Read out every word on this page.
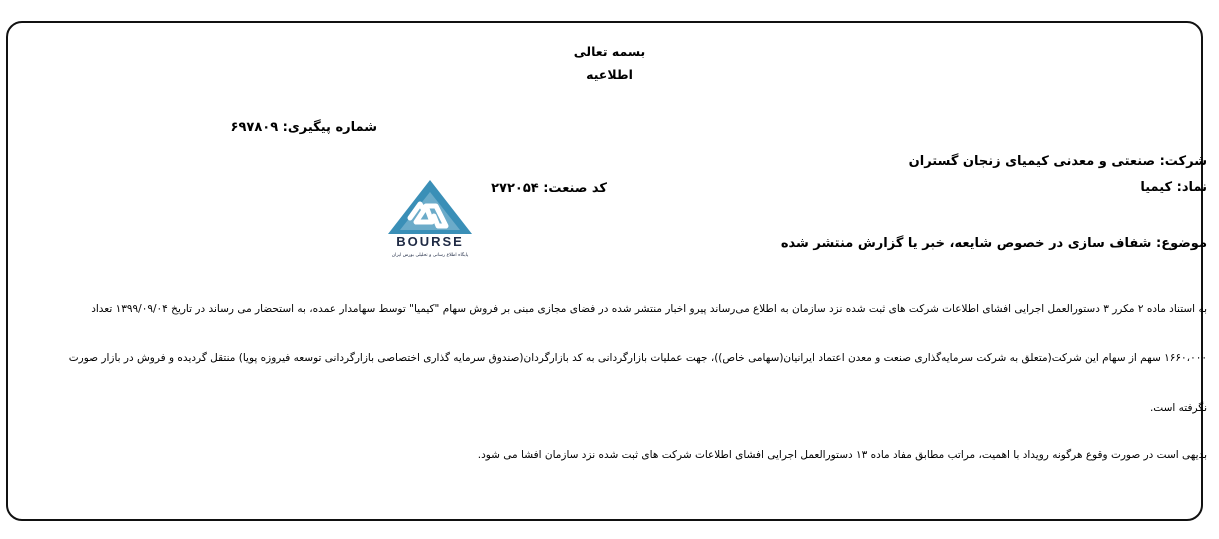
بسمه تعالی
اطلاعیه
شماره پیگیری: ۶۹۷۸۰۹
شرکت: صنعتی و معدنی کیمیای زنجان گستران
نماد: کیمیا
کد صنعت: ۲۷۲۰۵۴
BOURSE
پایگاه اطلاع رسانی و تحلیلی بورس ایران
موضوع: شفاف سازی در خصوص شایعه، خبر یا گزارش منتشر شده
به استناد ماده ۲ مکرر ۳ دستورالعمل اجرایی افشای اطلاعات شرکت های ثبت شده نزد سازمان به اطلاع می‌رساند پیرو اخبار منتشر شده در فضای مجازی مبنی بر فروش سهام "کیمیا" توسط سهامدار عمده، به استحضار می رساند در تاریخ ۱۳۹۹/۰۹/۰۴ تعداد
۱۶۶۰،۰۰۰ سهم از سهام این شرکت(متعلق به شرکت سرمایه‌گذاری صنعت و معدن اعتماد ایرانیان(سهامی خاص))، جهت عملیات بازارگردانی به کد بازارگردان(صندوق سرمایه گذاری اختصاصی بازارگردانی توسعه فیروزه پویا) منتقل گردیده و فروش در بازار صورت
نگرفته است.
بدیهی است در صورت وقوع هرگونه رویداد با اهمیت، مراتب مطابق مفاد ماده ۱۳ دستورالعمل اجرایی افشای اطلاعات شرکت های ثبت شده نزد سازمان افشا می شود.
